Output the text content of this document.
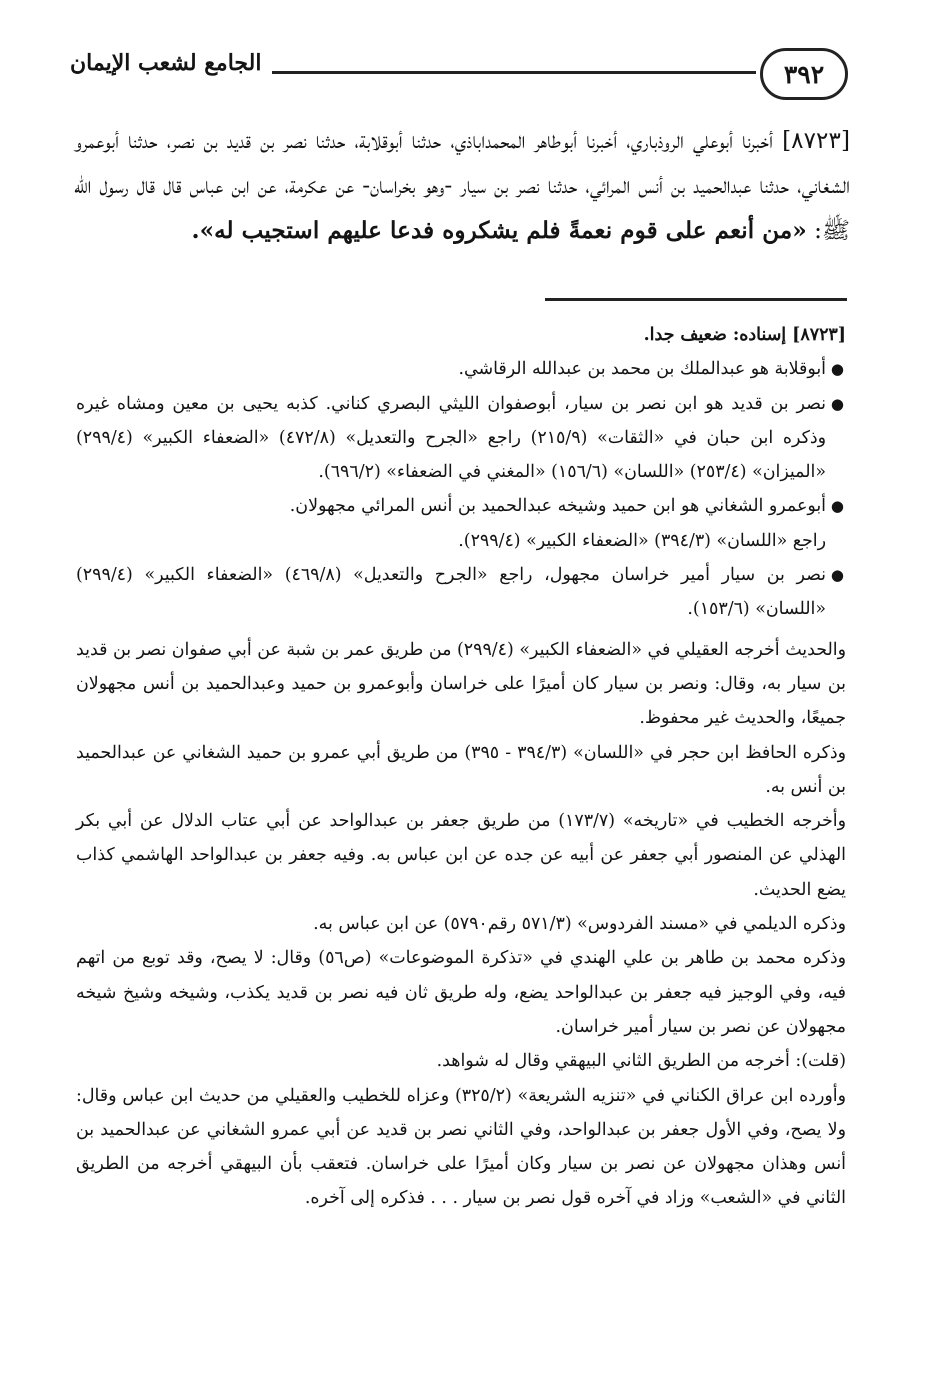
٣٩٢
الجامع لشعب الإيمان
[٨٧٢٣] أخبرنا أبوعلي الروذباري، أخبرنا أبوطاهر المحمداباذي، حدثنا أبوقلابة، حدثنا نصر بن قديد بن نصر، حدثنا أبوعمرو الشغاني، حدثنا عبدالحميد بن أنس المرائي، حدثنا نصر بن سيار -وهو بخراسان- عن عكرمة، عن ابن عباس قال قال رسول الله ﷺ: «من أنعم على قوم نعمةً فلم يشكروه فدعا عليهم استجيب له».

[٨٧٢٣] إسناده: ضعيف جدا.

●
أبوقلابة هو عبدالملك بن محمد بن عبدالله الرقاشي.
●
نصر بن قديد هو ابن نصر بن سيار، أبوصفوان الليثي البصري كناني. كذبه يحيى بن معين ومشاه غيره وذكره ابن حبان في «الثقات» (٢١٥/٩) راجع «الجرح والتعديل» (٤٧٢/٨) «الضعفاء الكبير» (٢٩٩/٤) «الميزان» (٢٥٣/٤) «اللسان» (١٥٦/٦) «المغني في الضعفاء» (٦٩٦/٢).
●
أبوعمرو الشغاني هو ابن حميد وشيخه عبدالحميد بن أنس المرائي مجهولان.

راجع «اللسان» (٣٩٤/٣) «الضعفاء الكبير» (٢٩٩/٤).

●
نصر بن سيار أمير خراسان مجهول، راجع «الجرح والتعديل» (٤٦٩/٨) «الضعفاء الكبير» (٢٩٩/٤) «اللسان» (١٥٣/٦).

والحديث أخرجه العقيلي في «الضعفاء الكبير» (٢٩٩/٤) من طريق عمر بن شبة عن أبي صفوان نصر بن قديد بن سيار به، وقال: ونصر بن سيار كان أميرًا على خراسان وأبوعمرو بن حميد وعبدالحميد بن أنس مجهولان جميعًا، والحديث غير محفوظ.

وذكره الحافظ ابن حجر في «اللسان» (٣٩٤/٣ - ٣٩٥) من طريق أبي عمرو بن حميد الشغاني عن عبدالحميد بن أنس به.

وأخرجه الخطيب في «تاريخه» (١٧٣/٧) من طريق جعفر بن عبدالواحد عن أبي عتاب الدلال عن أبي بكر الهذلي عن المنصور أبي جعفر عن أبيه عن جده عن ابن عباس به. وفيه جعفر بن عبدالواحد الهاشمي كذاب يضع الحديث.

وذكره الديلمي في «مسند الفردوس» (٥٧١/٣ رقم٥٧٩٠) عن ابن عباس به.

وذكره محمد بن طاهر بن علي الهندي في «تذكرة الموضوعات» (ص٥٦) وقال: لا يصح، وقد توبع من اتهم فيه، وفي الوجيز فيه جعفر بن عبدالواحد يضع، وله طريق ثان فيه نصر بن قديد يكذب، وشيخه وشيخ شيخه مجهولان عن نصر بن سيار أمير خراسان.

(قلت): أخرجه من الطريق الثاني البيهقي وقال له شواهد.

وأورده ابن عراق الكناني في «تنزيه الشريعة» (٣٢٥/٢) وعزاه للخطيب والعقيلي من حديث ابن عباس وقال: ولا يصح، وفي الأول جعفر بن عبدالواحد، وفي الثاني نصر بن قديد عن أبي عمرو الشغاني عن عبدالحميد بن أنس وهذان مجهولان عن نصر بن سيار وكان أميرًا على خراسان. فتعقب بأن البيهقي أخرجه من الطريق الثاني في «الشعب» وزاد في آخره قول نصر بن سيار . . . فذكره إلى آخره.
